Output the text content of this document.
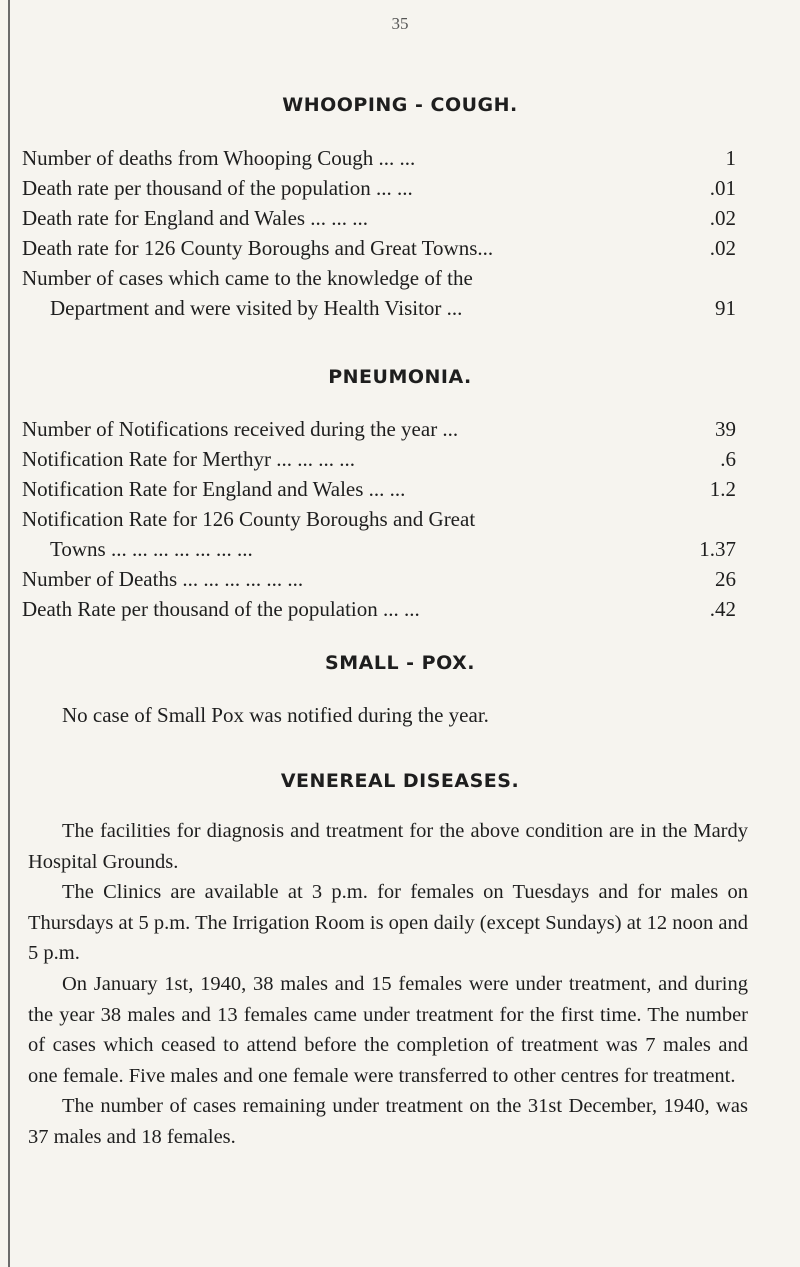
35
WHOOPING - COUGH.
Number of deaths from Whooping Cough ... ...	1
Death rate per thousand of the population ... ...	.01
Death rate for England and Wales ... ... ...	.02
Death rate for 126 County Boroughs and Great Towns...	.02
Number of cases which came to the knowledge of the
Department and were visited by Health Visitor ...	91
PNEUMONIA.
Number of Notifications received during the year ...	39
Notification Rate for Merthyr ... ... ... ...	.6
Notification Rate for England and Wales ... ...	1.2
Notification Rate for 126 County Boroughs and Great
Towns ... ... ... ... ... ... ...	1.37
Number of Deaths ... ... ... ... ... ...	26
Death Rate per thousand of the population ... ...	.42
SMALL - POX.
No case of Small Pox was notified during the year.
VENEREAL DISEASES.

The facilities for diagnosis and treatment for the above condition are in the Mardy Hospital Grounds.

The Clinics are available at 3 p.m. for females on Tuesdays and for males on Thursdays at 5 p.m. The Irrigation Room is open daily (except Sundays) at 12 noon and 5 p.m.

On January 1st, 1940, 38 males and 15 females were under treatment, and during the year 38 males and 13 females came under treatment for the first time. The number of cases which ceased to attend before the completion of treatment was 7 males and one female. Five males and one female were transferred to other centres for treatment.

The number of cases remaining under treatment on the 31st December, 1940, was 37 males and 18 females.
